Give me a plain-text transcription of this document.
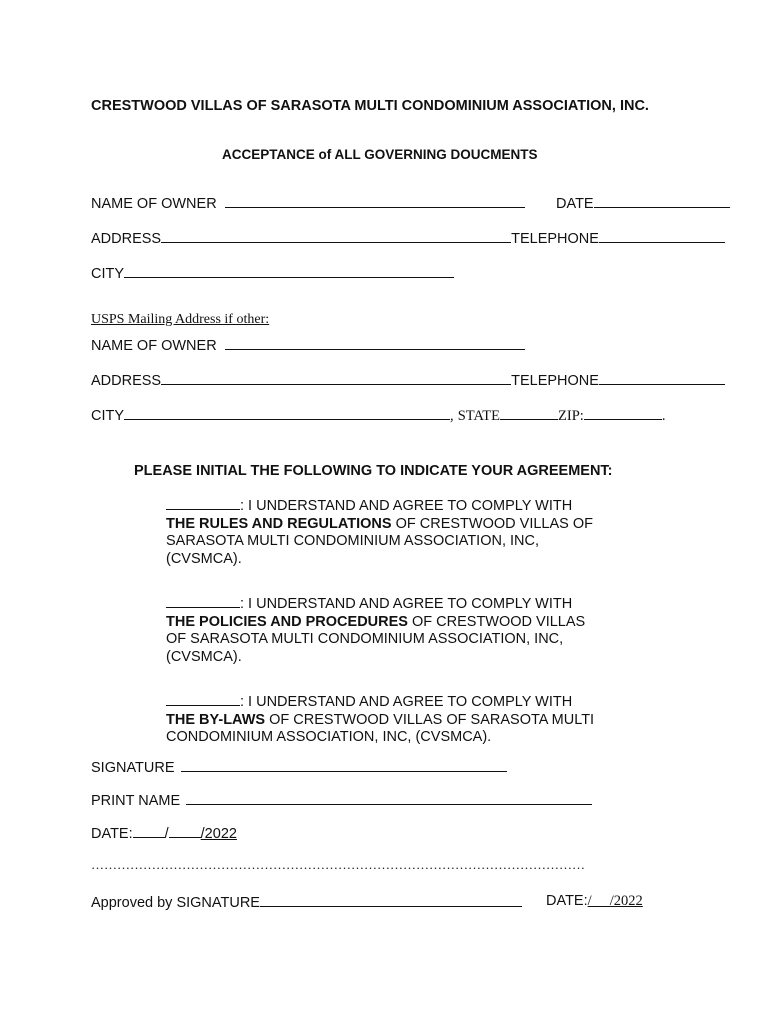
CRESTWOOD VILLAS OF SARASOTA MULTI CONDOMINIUM ASSOCIATION, INC.
ACCEPTANCE of ALL GOVERNING DOUCMENTS
NAME OF OWNER	DATE
ADDRESS	TELEPHONE
CITY
USPS Mailing Address if other:
NAME OF OWNER
ADDRESS	TELEPHONE
CITY	, STATE	ZIP:	.
PLEASE INITIAL THE FOLLOWING TO INDICATE YOUR AGREEMENT:
: I UNDERSTAND AND AGREE TO COMPLY WITH
THE RULES AND REGULATIONS OF CRESTWOOD VILLAS OF SARASOTA MULTI CONDOMINIUM ASSOCIATION, INC, (CVSMCA).
: I UNDERSTAND AND AGREE TO COMPLY WITH
THE POLICIES AND PROCEDURES OF CRESTWOOD VILLAS OF SARASOTA MULTI CONDOMINIUM ASSOCIATION, INC, (CVSMCA).
: I UNDERSTAND AND AGREE TO COMPLY WITH
THE BY-LAWS OF CRESTWOOD VILLAS OF SARASOTA MULTI CONDOMINIUM ASSOCIATION, INC, (CVSMCA).
SIGNATURE
PRINT NAME
DATE: / /2022
……………………………………………………………………………………………………
Approved by SIGNATURE	DATE:/     /2022
